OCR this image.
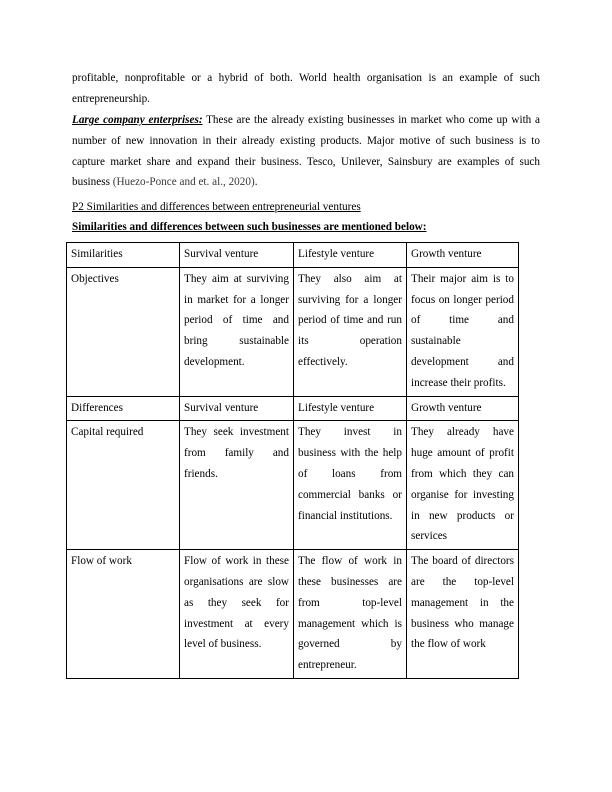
profitable, nonprofitable or a hybrid of both. World health organisation is an example of such entrepreneurship.

Large company enterprises: These are the already existing businesses in market who come up with a number of new innovation in their already existing products. Major motive of such business is to capture market share and expand their business. Tesco, Unilever, Sainsbury are examples of such business (Huezo-Ponce and et. al., 2020).

P2 Similarities and differences between entrepreneurial ventures

Similarities and differences between such businesses are mentioned below:

Similarities	Survival venture	Lifestyle venture	Growth venture
Objectives	They aim at surviving in market for a longer period of time and bring sustainable development.	They also aim at surviving for a longer period of time and run its operation effectively.	Their major aim is to focus on longer period of time and sustainable development and increase their profits.
Differences	Survival venture	Lifestyle venture	Growth venture
Capital required	They seek investment from family and friends.	They invest in business with the help of loans from commercial banks or financial institutions.	They already have huge amount of profit from which they can organise for investing in new products or services
Flow of work	Flow of work in these organisations are slow as they seek for investment at every level of business.	The flow of work in these businesses are from top-level management which is governed by entrepreneur.	The board of directors are the top-level management in the business who manage the flow of work
